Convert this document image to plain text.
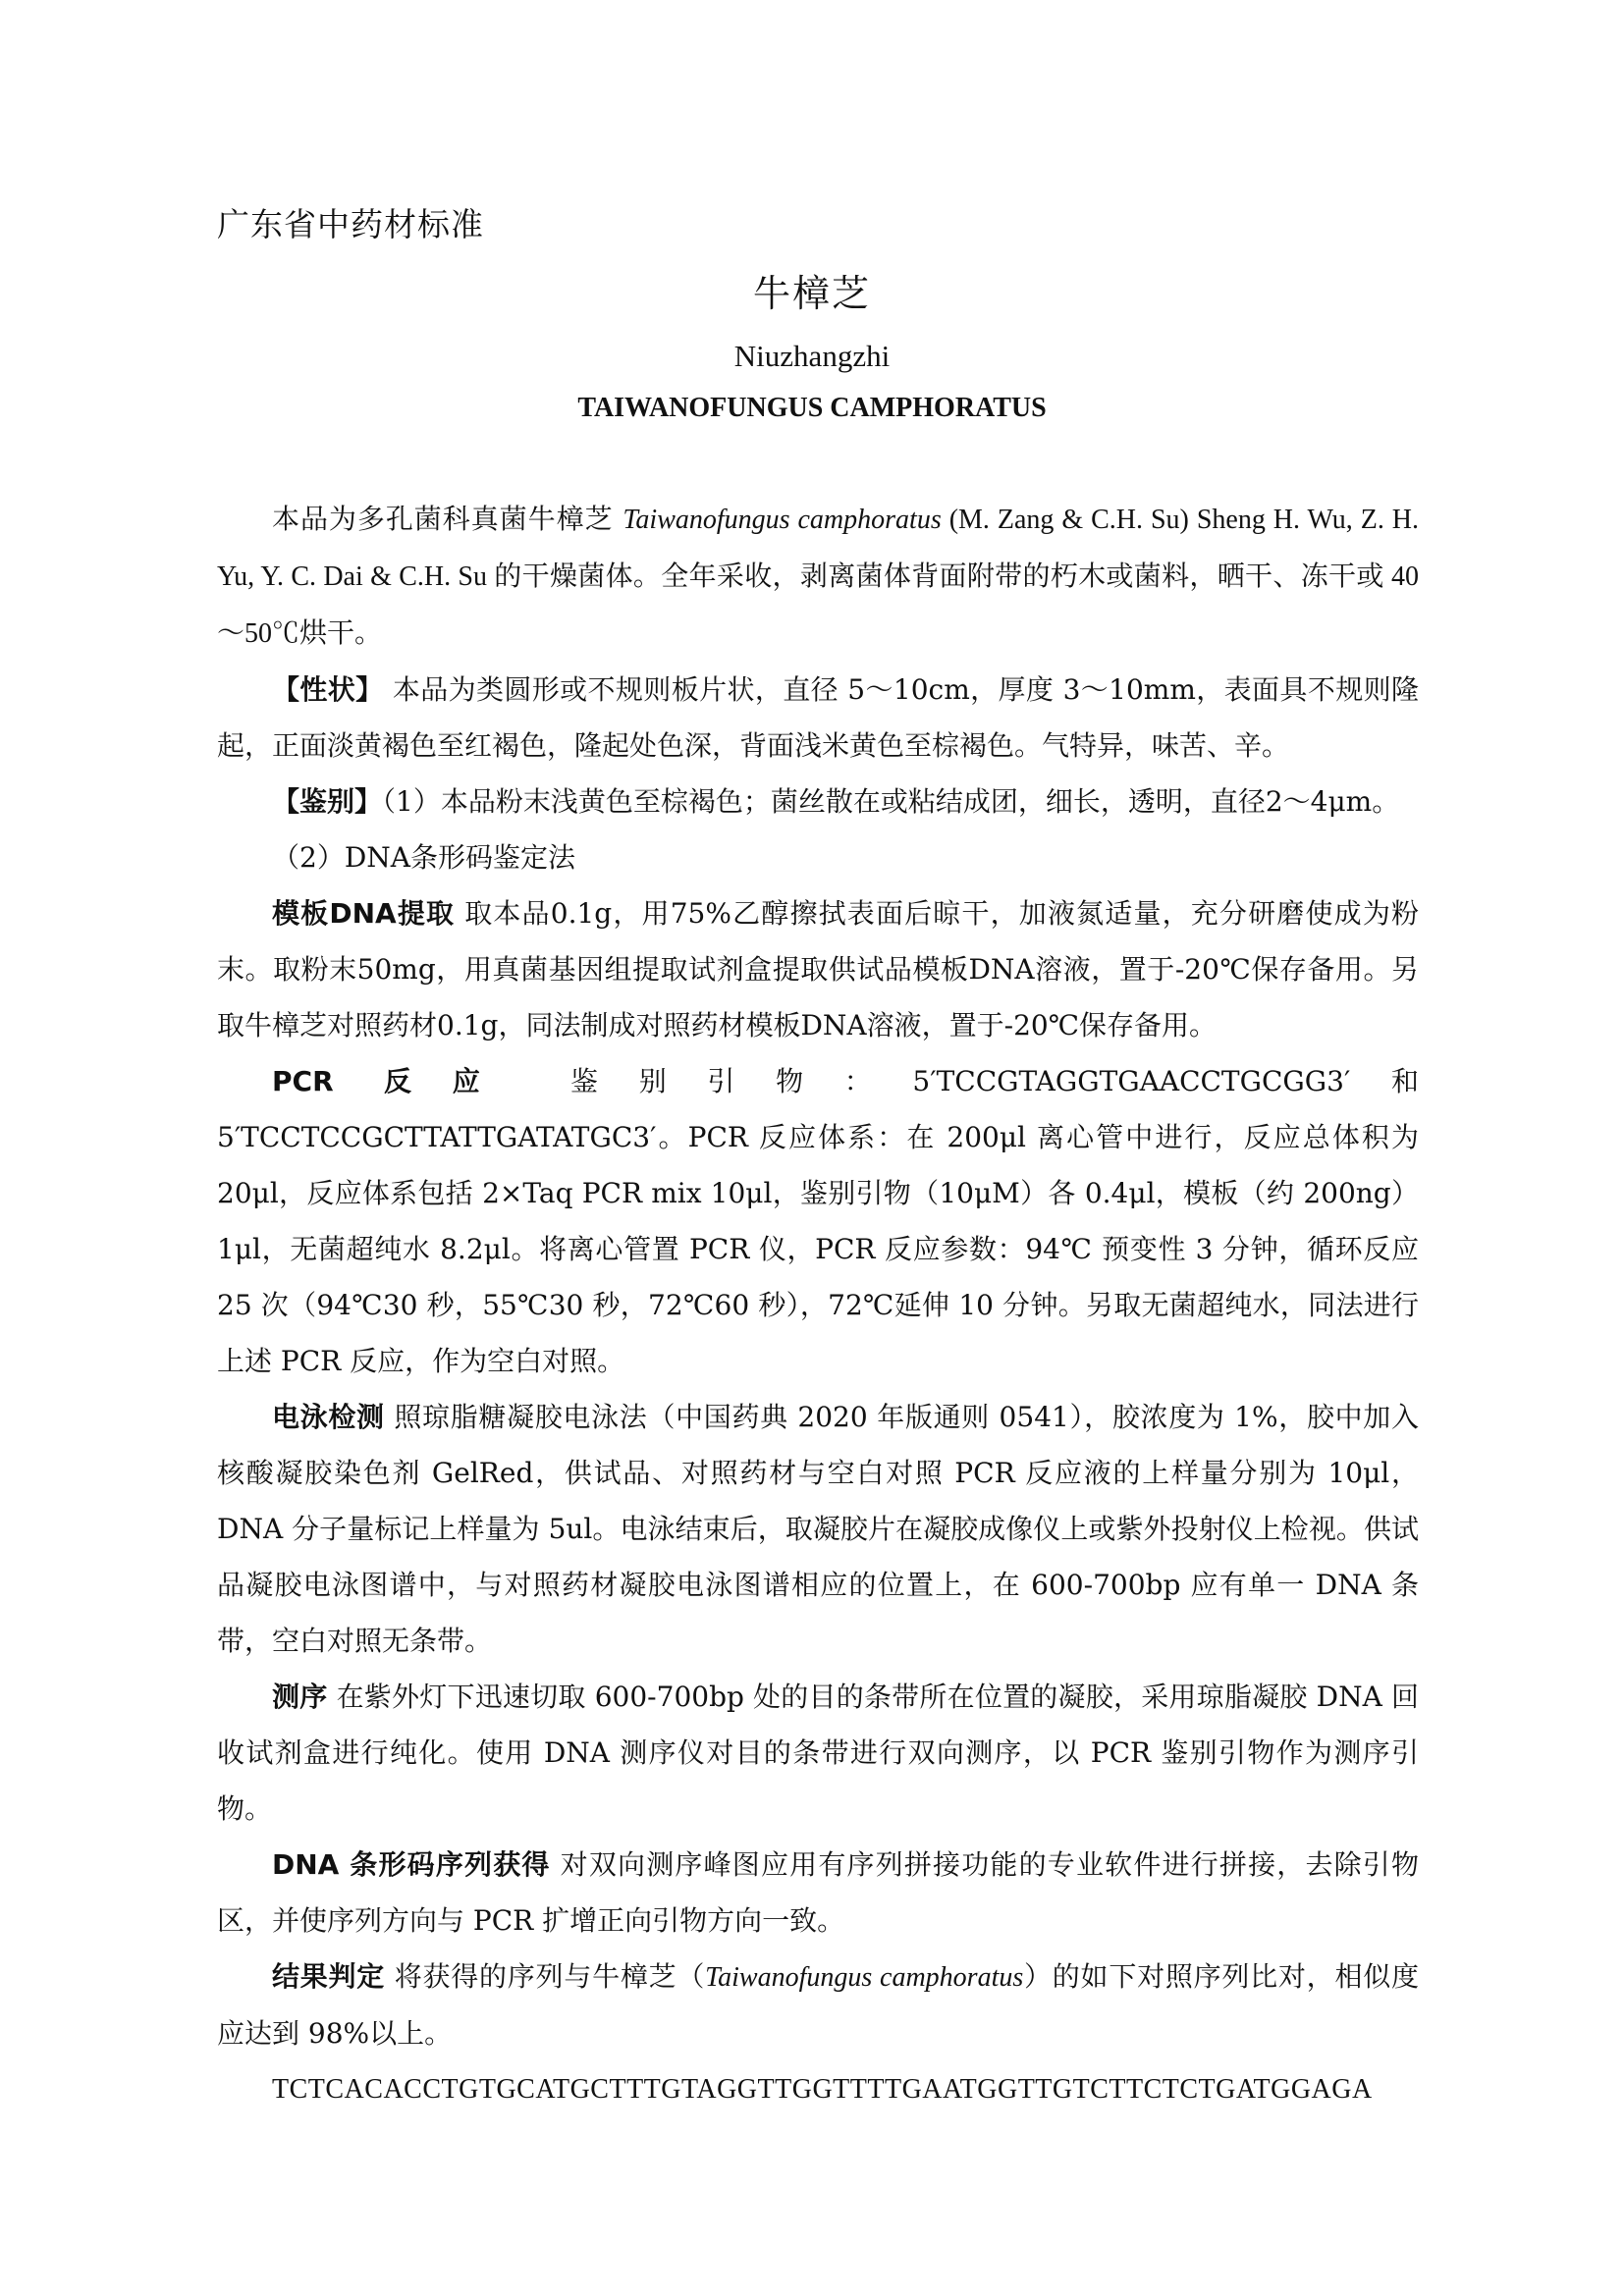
广东省中药材标准
牛樟芝
Niuzhangzhi
TAIWANOFUNGUS CAMPHORATUS

本品为多孔菌科真菌牛樟芝 Taiwanofungus camphoratus (M. Zang & C.H. Su) Sheng H. Wu, Z. H. Yu, Y. C. Dai & C.H. Su 的干燥菌体。全年采收，剥离菌体背面附带的朽木或菌料，晒干、冻干或 40～50℃烘干。

【性状】 本品为类圆形或不规则板片状，直径 5～10cm，厚度 3～10mm，表面具不规则隆起，正面淡黄褐色至红褐色，隆起处色深，背面浅米黄色至棕褐色。气特异，味苦、辛。

【鉴别】（1）本品粉末浅黄色至棕褐色；菌丝散在或粘结成团，细长，透明，直径2～4μm。

（2）DNA条形码鉴定法

模板DNA提取 取本品0.1g，用75%乙醇擦拭表面后晾干，加液氮适量，充分研磨使成为粉末。取粉末50mg，用真菌基因组提取试剂盒提取供试品模板DNA溶液，置于-20℃保存备用。另取牛樟芝对照药材0.1g，同法制成对照药材模板DNA溶液，置于-20℃保存备用。

PCR 反应 鉴别引物：5′TCCGTAGGTGAACCTGCGG3′和 5′TCCTCCGCTTATTGATATGC3′。PCR 反应体系：在 200μl 离心管中进行，反应总体积为 20μl，反应体系包括 2×Taq PCR mix 10μl，鉴别引物（10μM）各 0.4μl，模板（约 200ng）1μl，无菌超纯水 8.2μl。将离心管置 PCR 仪，PCR 反应参数：94℃ 预变性 3 分钟，循环反应 25 次（94℃30 秒，55℃30 秒，72℃60 秒），72℃延伸 10 分钟。另取无菌超纯水，同法进行上述 PCR 反应，作为空白对照。

电泳检测 照琼脂糖凝胶电泳法（中国药典 2020 年版通则 0541），胶浓度为 1%，胶中加入核酸凝胶染色剂 GelRed，供试品、对照药材与空白对照 PCR 反应液的上样量分别为 10μl，DNA 分子量标记上样量为 5ul。电泳结束后，取凝胶片在凝胶成像仪上或紫外投射仪上检视。供试品凝胶电泳图谱中，与对照药材凝胶电泳图谱相应的位置上，在 600-700bp 应有单一 DNA 条带，空白对照无条带。

测序 在紫外灯下迅速切取 600-700bp 处的目的条带所在位置的凝胶，采用琼脂凝胶 DNA 回收试剂盒进行纯化。使用 DNA 测序仪对目的条带进行双向测序，以 PCR 鉴别引物作为测序引物。

DNA 条形码序列获得 对双向测序峰图应用有序列拼接功能的专业软件进行拼接，去除引物区，并使序列方向与 PCR 扩增正向引物方向一致。

结果判定 将获得的序列与牛樟芝（Taiwanofungus camphoratus）的如下对照序列比对，相似度应达到 98%以上。

TCTCACACCTGTGCATGCTTTGTAGGTTGGTTTTGAATGGTTGTCTTCTCTGATGGAGA
